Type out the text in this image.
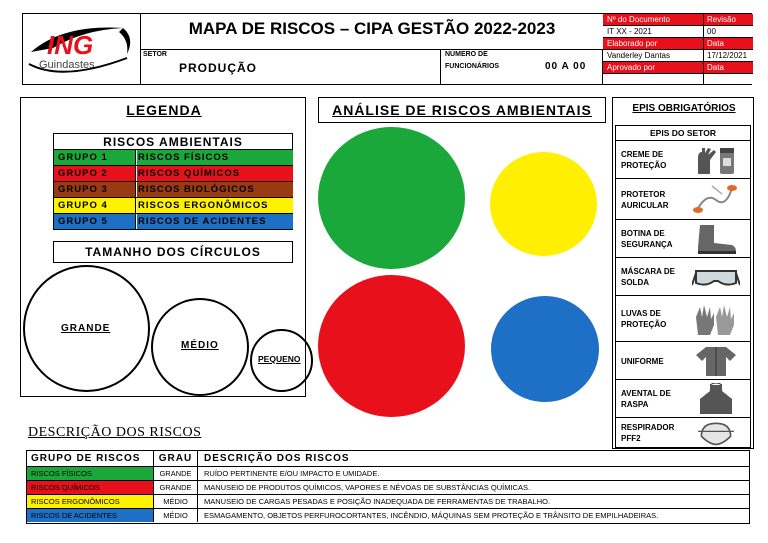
ING
Guindastes
MAPA DE RISCOS – CIPA GESTÃO 2022-2023
SETOR
PRODUÇÃO
NÚMERO DE
FUNCIONÁRIOS	00 A 00
Nº do Documento	Revisão
IT XX - 2021	00
Elaborado por	Data
Vanderley Dantas	17/12/2021
Aprovado por	Data
LEGENDA
RISCOS AMBIENTAIS
GRUPO 1	RISCOS FÍSICOS
GRUPO 2	RISCOS QUÍMICOS
GRUPO 3	RISCOS BIOLÓGICOS
GRUPO 4	RISCOS ERGONÔMICOS
GRUPO 5	RISCOS DE ACIDENTES
TAMANHO DOS CÍRCULOS
GRANDE
MÉDIO
PEQUENO
ANÁLISE DE RISCOS AMBIENTAIS	EPIS OBRIGATÓRIOS
EPIS DO SETOR
CREME DE PROTEÇÃO
PROTETOR AURICULAR
BOTINA DE SEGURANÇA
MÁSCARA DE SOLDA
LUVAS DE PROTEÇÃO
UNIFORME
AVENTAL DE RASPA
RESPIRADOR PFF2
DESCRIÇÃO DOS RISCOS
GRUPO DE RISCOS	GRAU	DESCRIÇÃO DOS RISCOS
RISCOS FÍSICOS	GRANDE	RUÍDO PERTINENTE E/OU IMPACTO E UMIDADE.
RISCOS QUÍMICOS	GRANDE	MANUSEIO DE PRODUTOS QUÍMICOS, VAPORES E NÉVOAS DE SUBSTÂNCIAS QUÍMICAS.
RISCOS ERGONÔMICOS	MÉDIO	MANUSEIO DE CARGAS PESADAS E POSIÇÃO INADEQUADA DE FERRAMENTAS DE TRABALHO.
RISCOS DE ACIDENTES	MÉDIO	ESMAGAMENTO, OBJETOS PERFUROCORTANTES, INCÊNDIO, MÁQUINAS SEM PROTEÇÃO E TRÂNSITO DE EMPILHADEIRAS.
